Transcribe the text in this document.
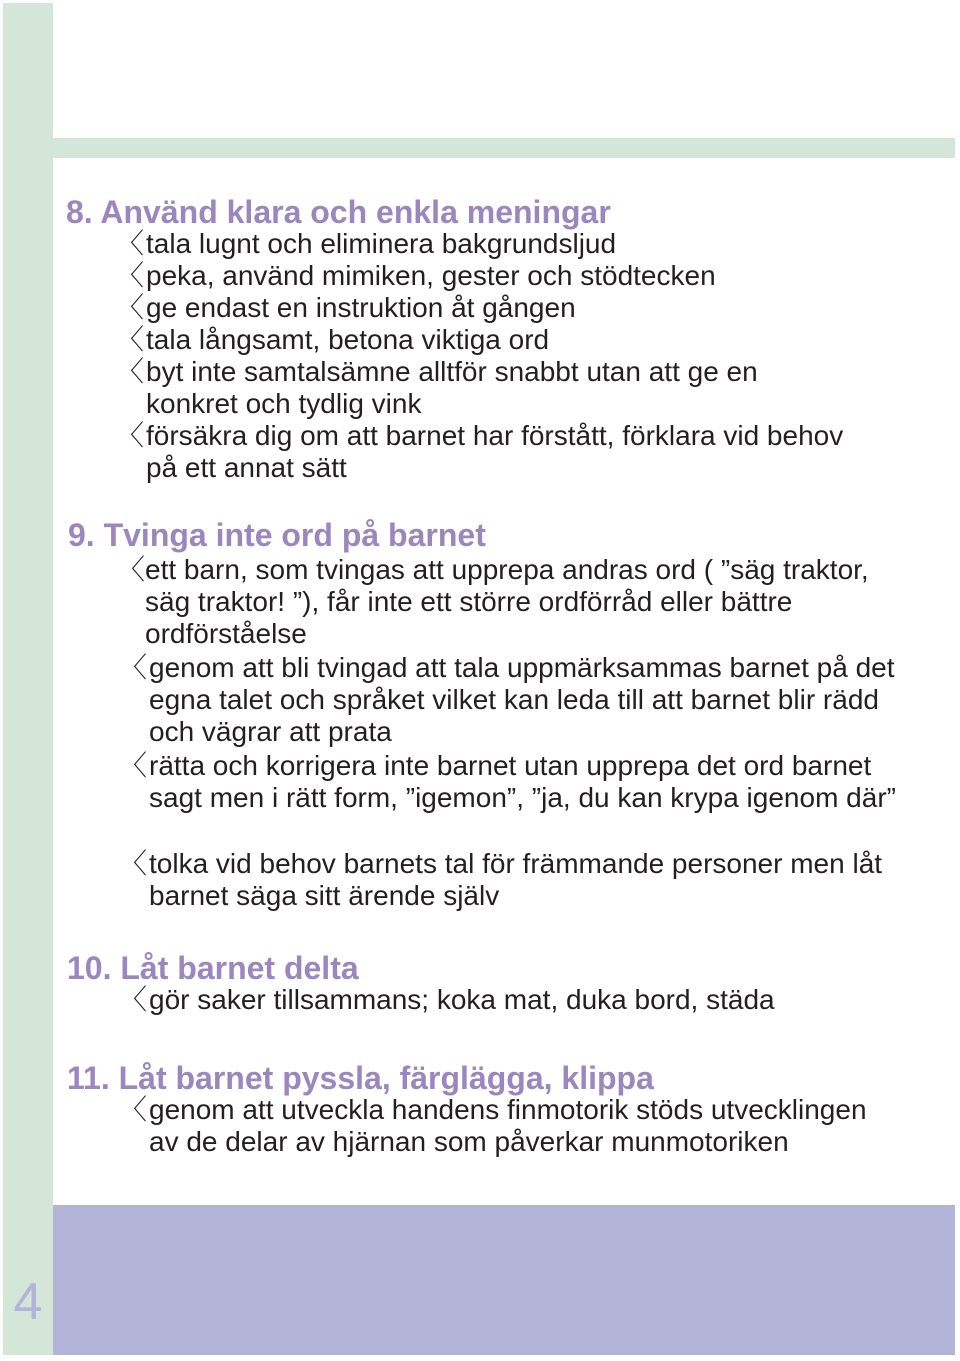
4
8. Använd klara och enkla meningar
〈 tala lugnt och eliminera bakgrundsljud
〈 peka, använd mimiken, gester och stödtecken
〈 ge endast en instruktion åt gången
〈 tala långsamt, betona viktiga ord
〈 byt inte samtalsämne alltför snabbt utan att ge en konkret och tydlig vink
〈 försäkra dig om att barnet har förstått, förklara vid behov på ett annat sätt
9. Tvinga inte ord på barnet
〈 ett barn, som tvingas att upprepa andras ord ( ”säg traktor, säg traktor! ”), får inte ett större ordförråd eller bättre ordförståelse
〈 genom att bli tvingad att tala uppmärksammas barnet på det egna talet och språket vilket kan leda till att barnet blir rädd och vägrar att prata
〈 rätta och korrigera inte barnet utan upprepa det ord barnet sagt men i rätt form, ”igemon”, ”ja, du kan krypa igenom där”
〈 tolka vid behov barnets tal för främmande personer men låt barnet säga sitt ärende själv
10. Låt barnet delta
〈 gör saker tillsammans; koka mat, duka bord, städa
11. Låt barnet pyssla, färglägga, klippa
〈 genom att utveckla handens finmotorik stöds utvecklingen av de delar av hjärnan som påverkar munmotoriken
